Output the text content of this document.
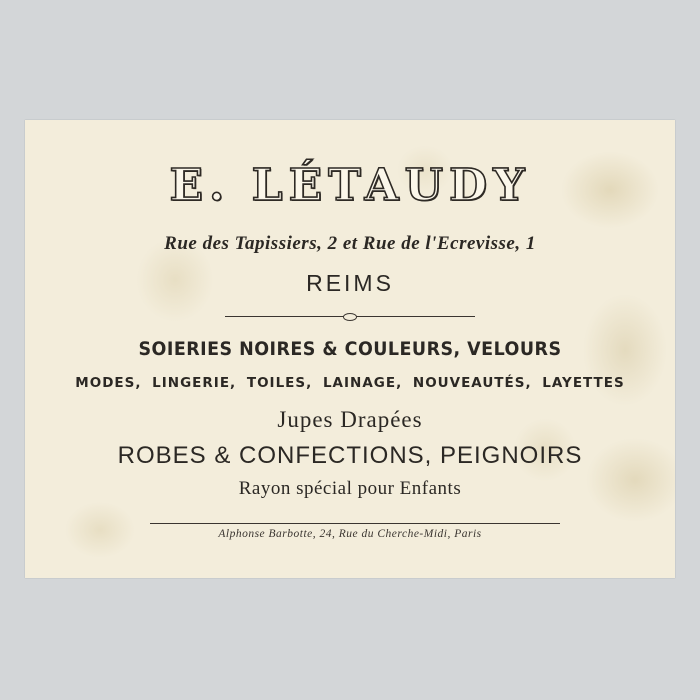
E. LÉTAUDY
Rue des Tapissiers, 2 et Rue de l'Ecrevisse, 1
REIMS
SOIERIES NOIRES & COULEURS, VELOURS
MODES, LINGERIE, TOILES, LAINAGE, NOUVEAUTÉS, LAYETTES
Jupes Drapées
ROBES & CONFECTIONS, PEIGNOIRS
Rayon spécial pour Enfants
Alphonse Barbotte, 24, Rue du Cherche-Midi, Paris
